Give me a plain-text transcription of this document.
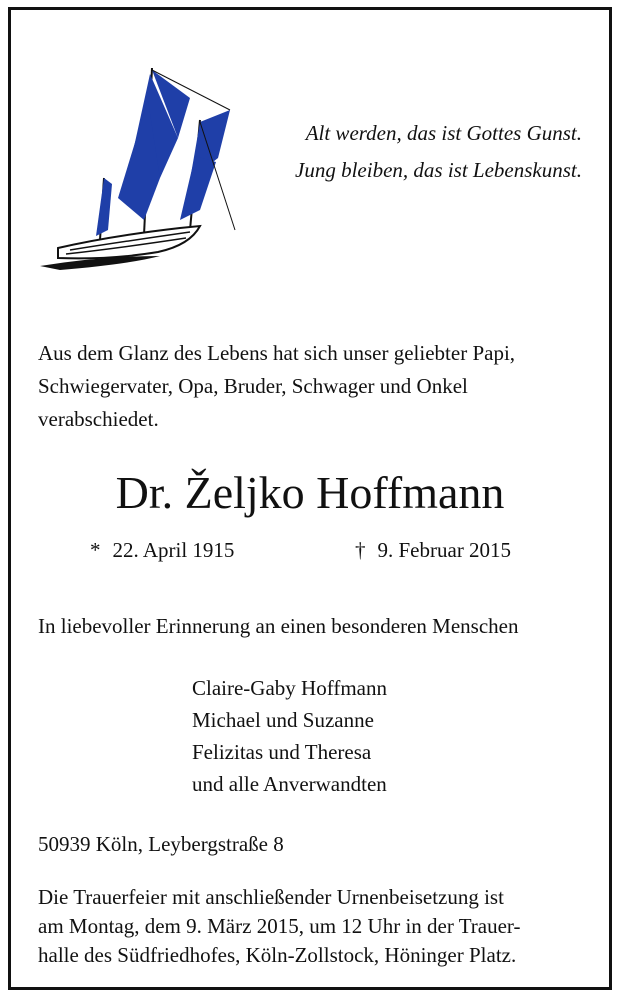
Alt werden, das ist Gottes Gunst.
Jung bleiben, das ist Lebenskunst.
Aus dem Glanz des Lebens hat sich unser geliebter Papi,
Schwiegervater, Opa, Bruder, Schwager und Onkel
verabschiedet.
Dr. Željko Hoffmann
* 22. April 1915	† 9. Februar 2015
In liebevoller Erinnerung an einen besonderen Menschen
Claire-Gaby Hoffmann
Michael und Suzanne
Felizitas und Theresa
und alle Anverwandten
50939 Köln, Leybergstraße 8
Die Trauerfeier mit anschließender Urnenbeisetzung ist
am Montag, dem 9. März 2015, um 12 Uhr in der Trauer-
halle des Südfriedhofes, Köln-Zollstock, Höninger Platz.
